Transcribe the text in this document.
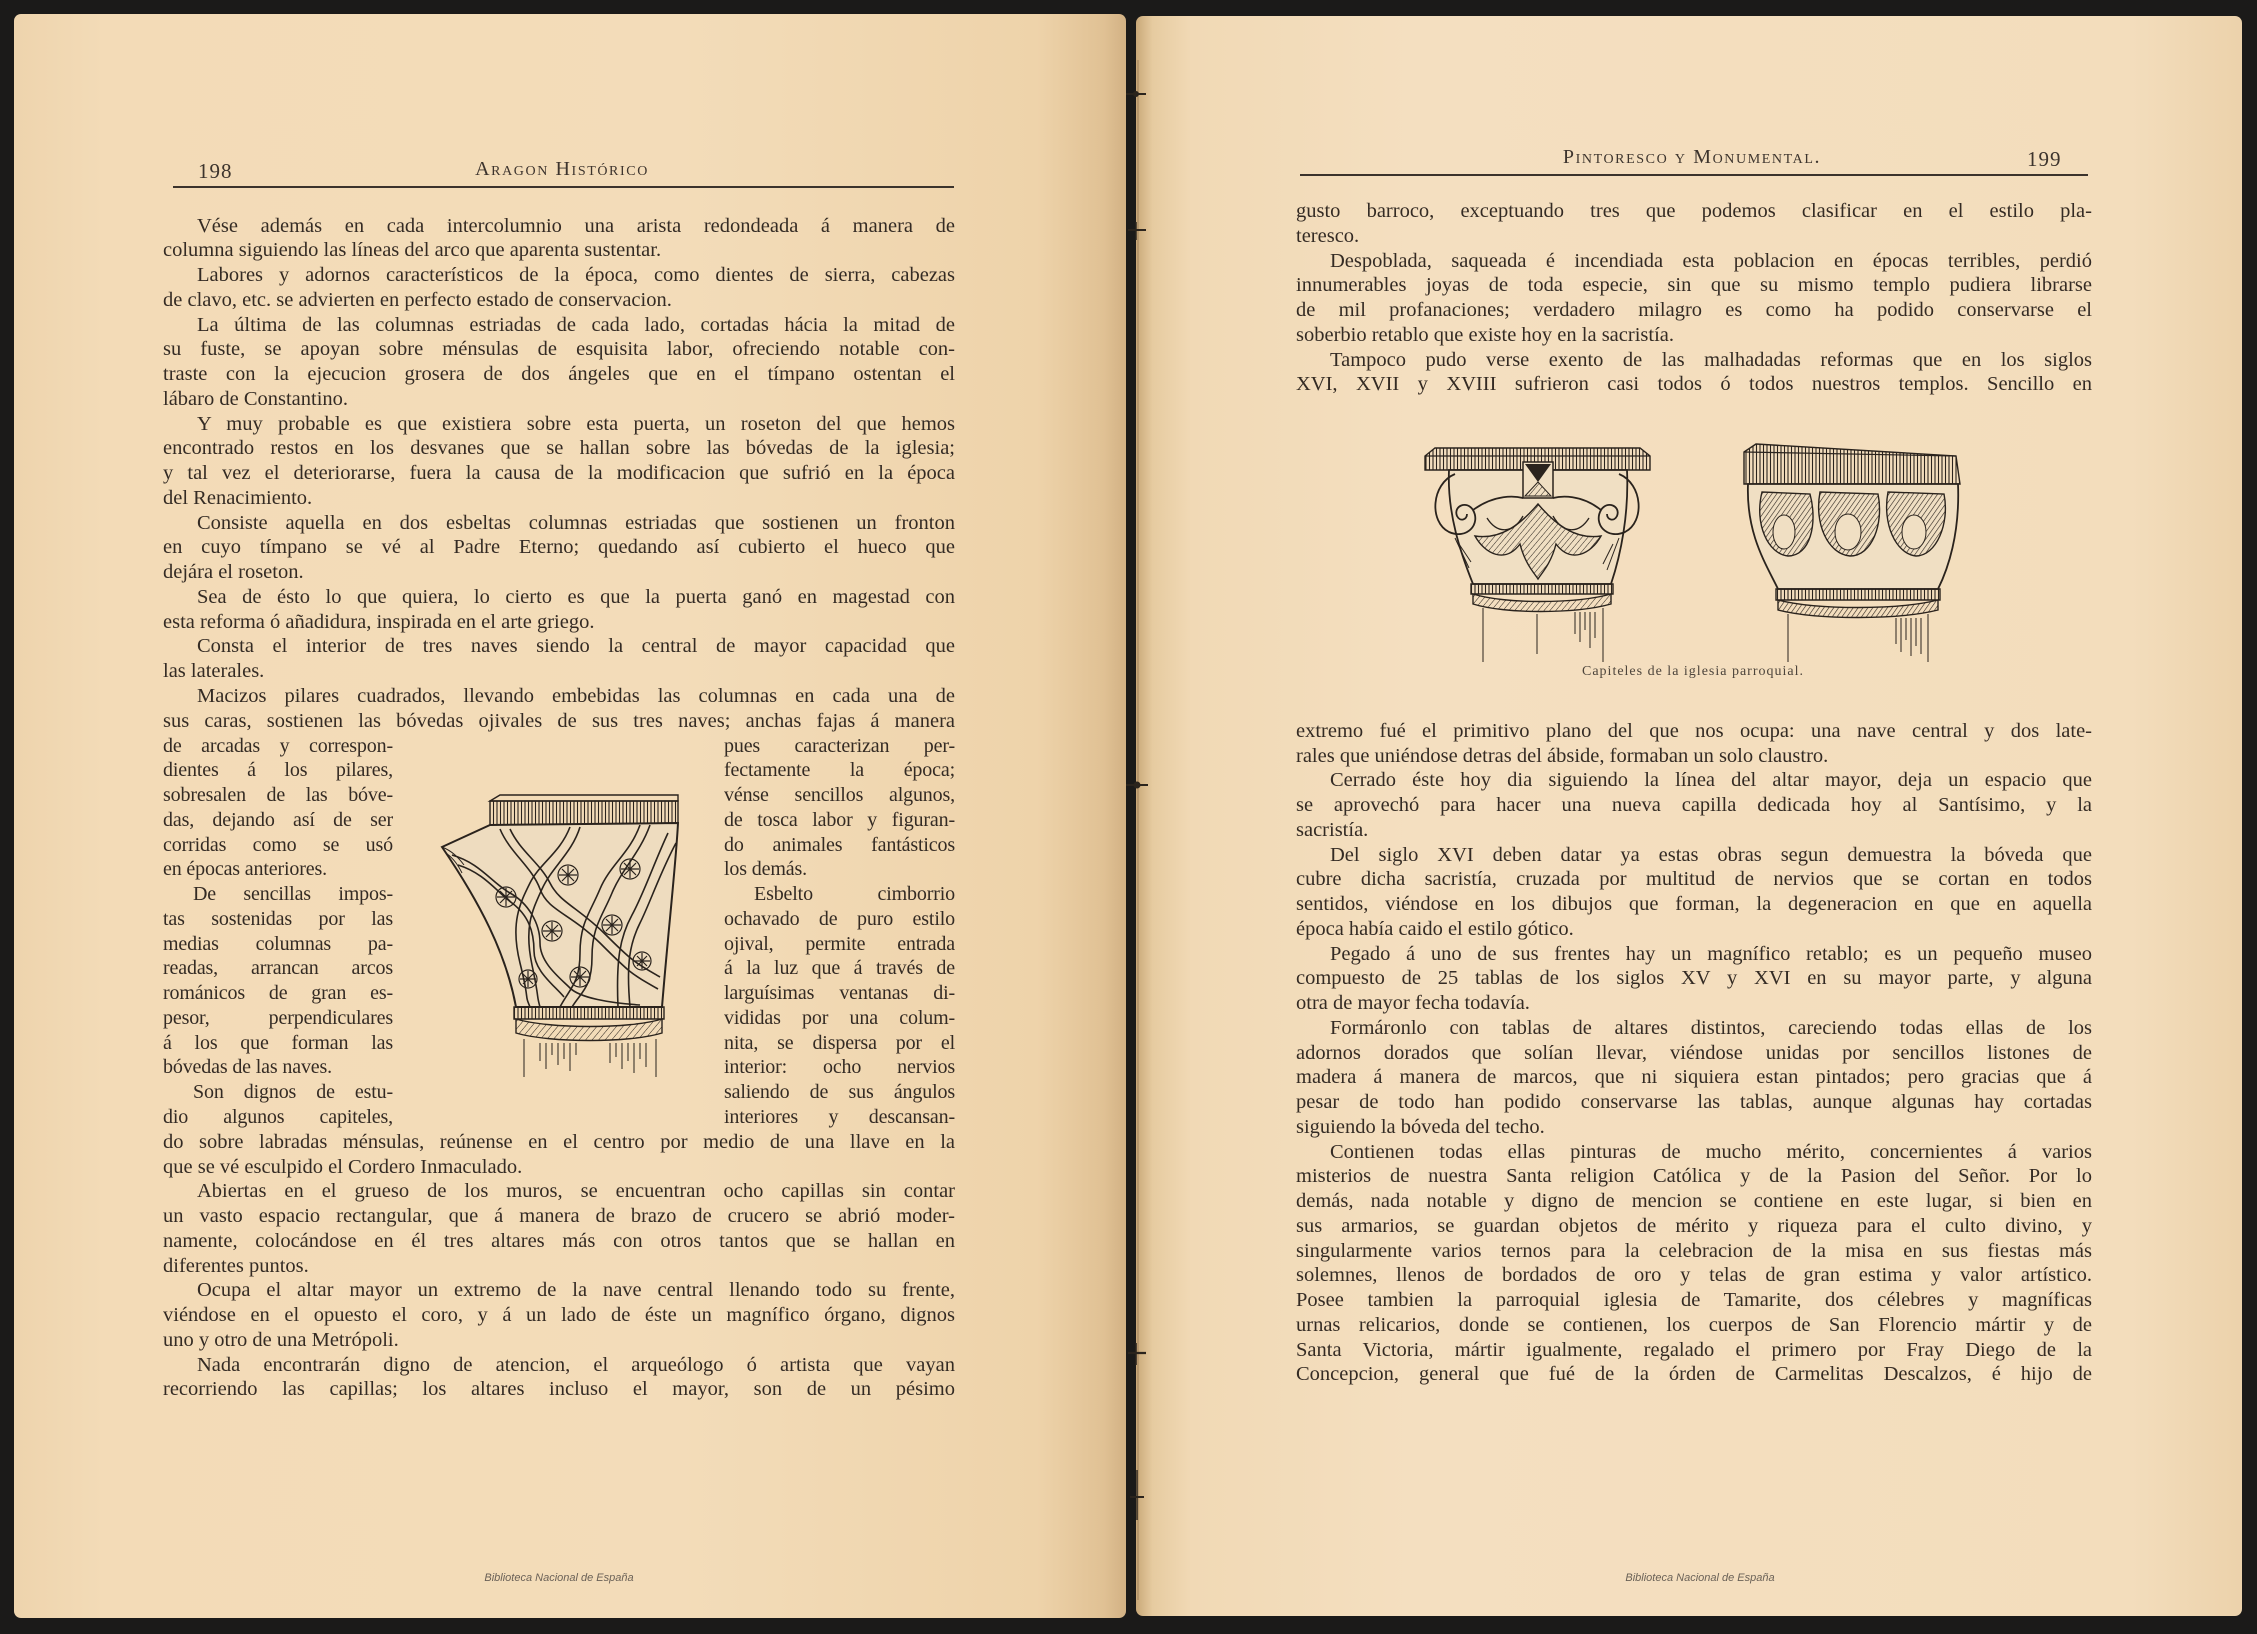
198	Aragon Histórico
Vése además en cada intercolumnio una arista redondeada á manera de
columna siguiendo las líneas del arco que aparenta sustentar.
Labores y adornos característicos de la época, como dientes de sierra, cabezas
de clavo, etc. se advierten en perfecto estado de conservacion.
La última de las columnas estriadas de cada lado, cortadas hácia la mitad de
su fuste, se apoyan sobre ménsulas de esquisita labor, ofreciendo notable con-
traste con la ejecucion grosera de dos ángeles que en el tímpano ostentan el
lábaro de Constantino.
Y muy probable es que existiera sobre esta puerta, un roseton del que hemos
encontrado restos en los desvanes que se hallan sobre las bóvedas de la iglesia;
y tal vez el deteriorarse, fuera la causa de la modificacion que sufrió en la época
del Renacimiento.
Consiste aquella en dos esbeltas columnas estriadas que sostienen un fronton
en cuyo tímpano se vé al Padre Eterno; quedando así cubierto el hueco que
dejára el roseton.
Sea de ésto lo que quiera, lo cierto es que la puerta ganó en magestad con
esta reforma ó añadidura, inspirada en el arte griego.
Consta el interior de tres naves siendo la central de mayor capacidad que
las laterales.
Macizos pilares cuadrados, llevando embebidas las columnas en cada una de
sus caras, sostienen las bóvedas ojivales de sus tres naves; anchas fajas á manera
de arcadas y correspon-
dientes á los pilares,
sobresalen de las bóve-
das, dejando así de ser
corridas como se usó
en épocas anteriores.
De sencillas impos-
tas sostenidas por las
medias columnas pa-
readas, arrancan arcos
románicos de gran es-
pesor, perpendiculares
á los que forman las
bóvedas de las naves.
Son dignos de estu-
dio algunos capiteles,
pues caracterizan per-
fectamente la época;
vénse sencillos algunos,
de tosca labor y figuran-
do animales fantásticos
los demás.
Esbelto cimborrio
ochavado de puro estilo
ojival, permite entrada
á la luz que á través de
larguísimas ventanas di-
vididas por una colum-
nita, se dispersa por el
interior: ocho nervios
saliendo de sus ángulos
interiores y descansan-
do sobre labradas ménsulas, reúnense en el centro por medio de una llave en la
que se vé esculpido el Cordero Inmaculado.
Abiertas en el grueso de los muros, se encuentran ocho capillas sin contar
un vasto espacio rectangular, que á manera de brazo de crucero se abrió moder-
namente, colocándose en él tres altares más con otros tantos que se hallan en
diferentes puntos.
Ocupa el altar mayor un extremo de la nave central llenando todo su frente,
viéndose en el opuesto el coro, y á un lado de éste un magnífico órgano, dignos
uno y otro de una Metrópoli.
Nada encontrarán digno de atencion, el arqueólogo ó artista que vayan
recorriendo las capillas; los altares incluso el mayor, son de un pésimo
Biblioteca Nacional de España
Pintoresco y Monumental.	199
gusto barroco, exceptuando tres que podemos clasificar en el estilo pla-
teresco.
Despoblada, saqueada é incendiada esta poblacion en épocas terribles, perdió
innumerables joyas de toda especie, sin que su mismo templo pudiera librarse
de mil profanaciones; verdadero milagro es como ha podido conservarse el
soberbio retablo que existe hoy en la sacristía.
Tampoco pudo verse exento de las malhadadas reformas que en los siglos
XVI, XVII y XVIII sufrieron casi todos ó todos nuestros templos. Sencillo en
Capiteles de la iglesia parroquial.
extremo fué el primitivo plano del que nos ocupa: una nave central y dos late-
rales que uniéndose detras del ábside, formaban un solo claustro.
Cerrado éste hoy dia siguiendo la línea del altar mayor, deja un espacio que
se aprovechó para hacer una nueva capilla dedicada hoy al Santísimo, y la
sacristía.
Del siglo XVI deben datar ya estas obras segun demuestra la bóveda que
cubre dicha sacristía, cruzada por multitud de nervios que se cortan en todos
sentidos, viéndose en los dibujos que forman, la degeneracion en que en aquella
época había caido el estilo gótico.
Pegado á uno de sus frentes hay un magnífico retablo; es un pequeño museo
compuesto de 25 tablas de los siglos XV y XVI en su mayor parte, y alguna
otra de mayor fecha todavía.
Formáronlo con tablas de altares distintos, careciendo todas ellas de los
adornos dorados que solían llevar, viéndose unidas por sencillos listones de
madera á manera de marcos, que ni siquiera estan pintados; pero gracias que á
pesar de todo han podido conservarse las tablas, aunque algunas hay cortadas
siguiendo la bóveda del techo.
Contienen todas ellas pinturas de mucho mérito, concernientes á varios
misterios de nuestra Santa religion Católica y de la Pasion del Señor. Por lo
demás, nada notable y digno de mencion se contiene en este lugar, si bien en
sus armarios, se guardan objetos de mérito y riqueza para el culto divino, y
singularmente varios ternos para la celebracion de la misa en sus fiestas más
solemnes, llenos de bordados de oro y telas de gran estima y valor artístico.
Posee tambien la parroquial iglesia de Tamarite, dos célebres y magníficas
urnas relicarios, donde se contienen, los cuerpos de San Florencio mártir y de
Santa Victoria, mártir igualmente, regalado el primero por Fray Diego de la
Concepcion, general que fué de la órden de Carmelitas Descalzos, é hijo de
Biblioteca Nacional de España
